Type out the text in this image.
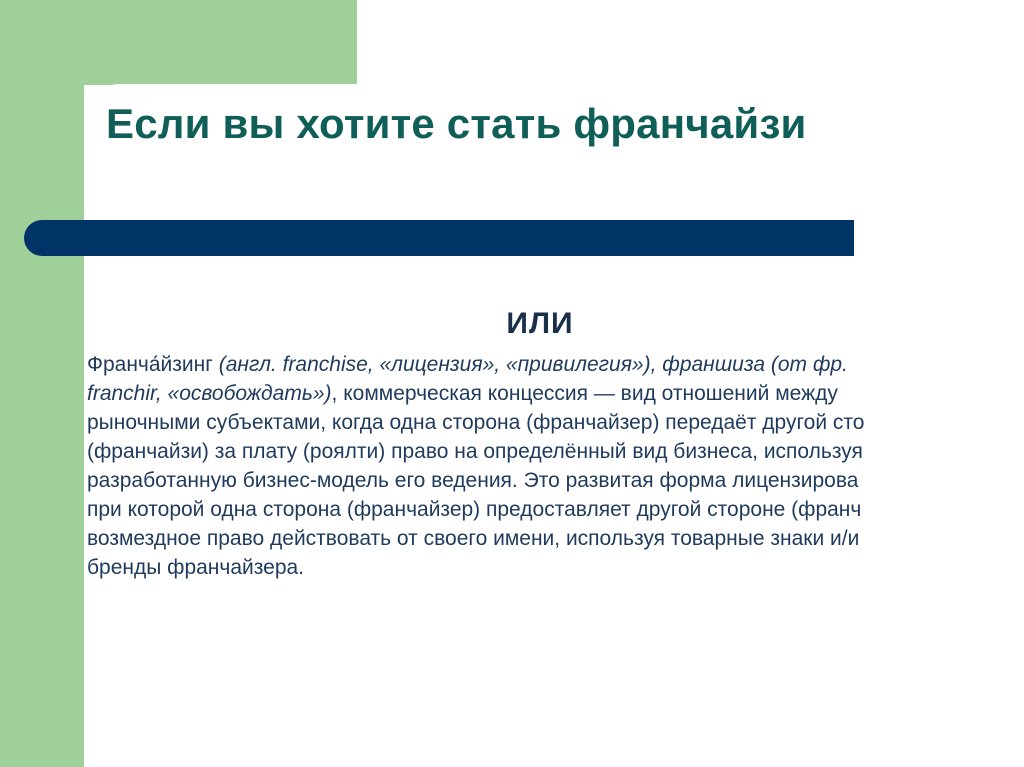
Если вы хотите стать франчайзи
ИЛИ

Франча́йзинг (англ. franchise, «лицензия», «привилегия»), франшиза (от фр.
franchir, «освобождать»), коммерческая концессия — вид отношений между
рыночными субъектами, когда одна сторона (франчайзер) передаёт другой сто
(франчайзи) за плату (роялти) право на определённый вид бизнеса, используя
разработанную бизнес-модель его ведения. Это развитая форма лицензирова
при которой одна сторона (франчайзер) предоставляет другой стороне (франч
возмездное право действовать от своего имени, используя товарные знаки и/и
бренды франчайзера.
